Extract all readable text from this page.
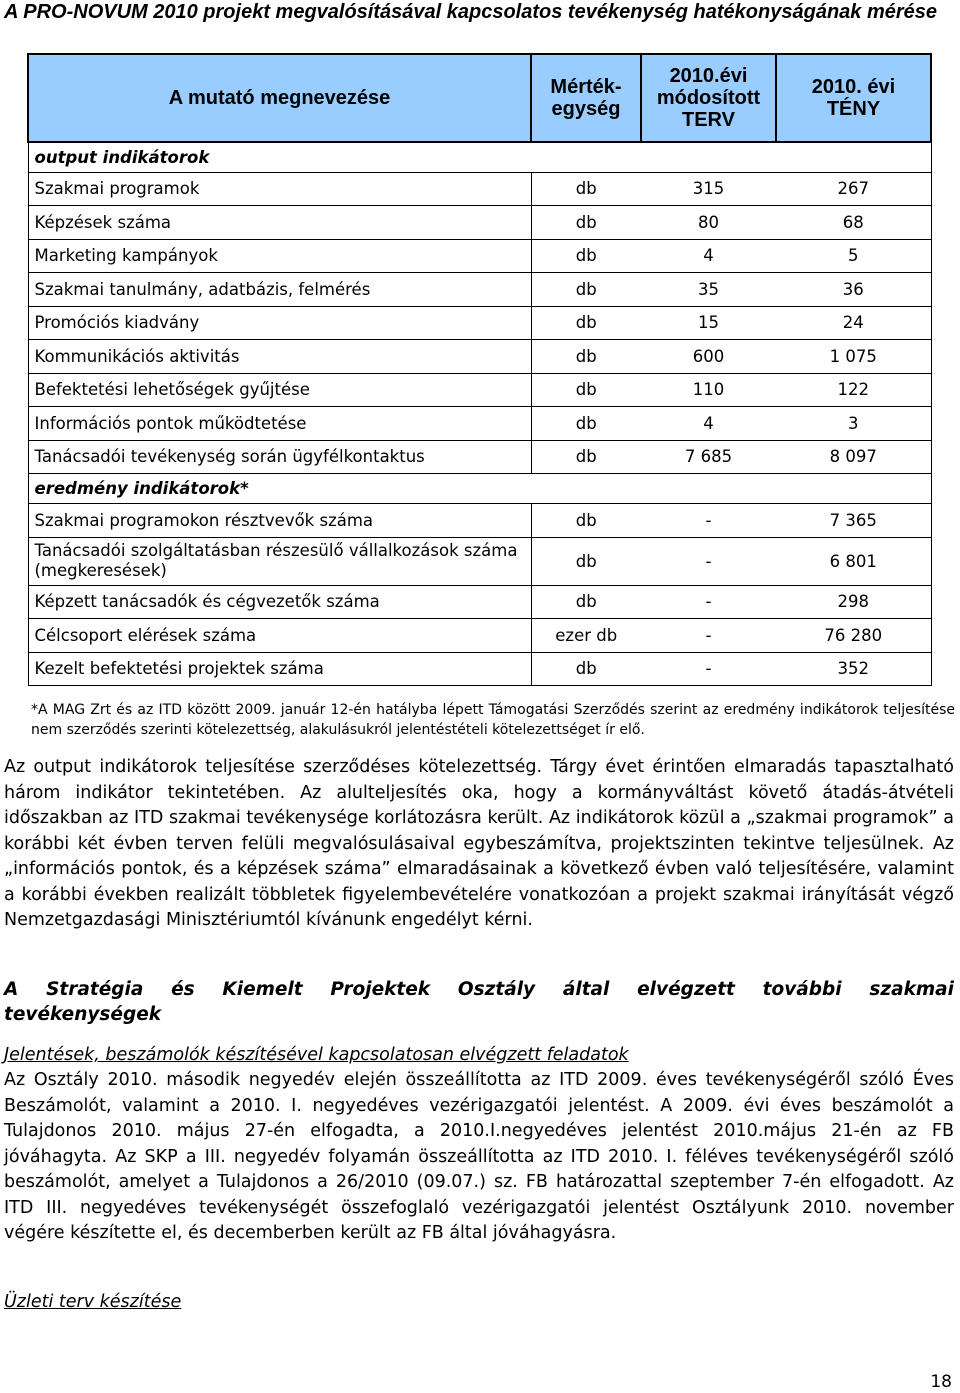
A PRO-NOVUM 2010 projekt megvalósításával kapcsolatos tevékenység hatékonyságának mérése
A mutató megnevezése	Mérték-egység	2010.évi módosított TERV	2010. évi TÉNY
output indikátorok			
Szakmai programok	db	315	267
Képzések száma	db	80	68
Marketing kampányok	db	4	5
Szakmai tanulmány, adatbázis, felmérés	db	35	36
Promóciós kiadvány	db	15	24
Kommunikációs aktivitás	db	600	1 075
Befektetési lehetőségek gyűjtése	db	110	122
Információs pontok működtetése	db	4	3
Tanácsadói tevékenység során ügyfélkontaktus	db	7 685	8 097
eredmény indikátorok*			
Szakmai programokon résztvevők száma	db	-	7 365
Tanácsadói szolgáltatásban részesülő vállalkozások száma (megkeresések)	db	-	6 801
Képzett tanácsadók és cégvezetők száma	db	-	298
Célcsoport elérések száma	ezer db	-	76 280
Kezelt befektetési projektek száma	db	-	352
*A MAG Zrt és az ITD között 2009. január 12-én hatályba lépett Támogatási Szerződés szerint az eredmény indikátorok teljesítése nem szerződés szerinti kötelezettség, alakulásukról jelentéstételi kötelezettséget ír elő.
Az output indikátorok teljesítése szerződéses kötelezettség. Tárgy évet érintően elmaradás tapasztalható három indikátor tekintetében. Az alulteljesítés oka, hogy a kormányváltást követő átadás-átvételi időszakban az ITD szakmai tevékenysége korlátozásra került. Az indikátorok közül a „szakmai programok” a korábbi két évben terven felüli megvalósulásaival egybeszámítva, projektszinten tekintve teljesülnek. Az „információs pontok, és a képzések száma” elmaradásainak a következő évben való teljesítésére, valamint a korábbi években realizált többletek figyelembevételére vonatkozóan a projekt szakmai irányítását végző Nemzetgazdasági Minisztériumtól kívánunk engedélyt kérni.
A Stratégia és Kiemelt Projektek Osztály által elvégzett további szakmai tevékenységek
Jelentések, beszámolók készítésével kapcsolatosan elvégzett feladatok
Az Osztály 2010. második negyedév elején összeállította az ITD 2009. éves tevékenységéről szóló Éves Beszámolót, valamint a 2010. I. negyedéves vezérigazgatói jelentést. A 2009. évi éves beszámolót a Tulajdonos 2010. május 27-én elfogadta, a 2010.I.negyedéves jelentést 2010.május 21-én az FB jóváhagyta. Az SKP a III. negyedév folyamán összeállította az ITD 2010. I. féléves tevékenységéről szóló beszámolót, amelyet a Tulajdonos a 26/2010 (09.07.) sz. FB határozattal szeptember 7-én elfogadott. Az ITD III. negyedéves tevékenységét összefoglaló vezérigazgatói jelentést Osztályunk 2010. november végére készítette el, és decemberben került az FB által jóváhagyásra.
Üzleti terv készítése
18
